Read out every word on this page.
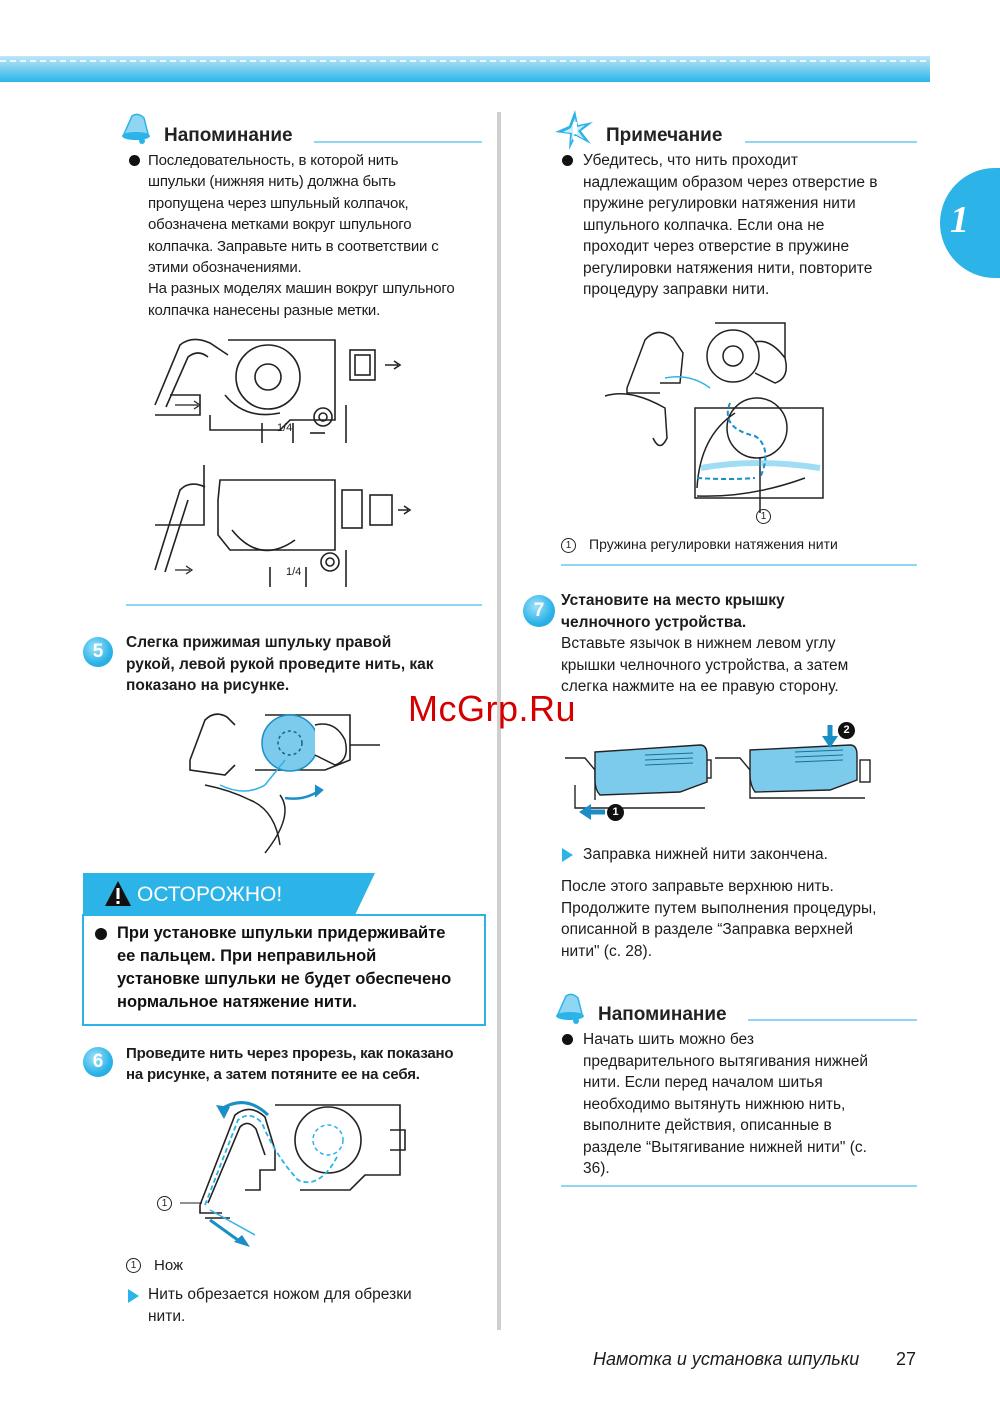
1
Напоминание
Последовательность, в которой нить
шпульки (нижняя нить) должна быть
пропущена через шпульный колпачок,
обозначена метками вокруг шпульного
колпачка. Заправьте нить в соответствии с
этими обозначениями.
На разных моделях машин вокруг шпульного
колпачка нанесены разные метки.
1/4
1/4
5	Слегка прижимая шпульку правой
рукой, левой рукой проведите нить, как
показано на рисунке.
ОСТОРОЖНО!
При установке шпульки придерживайте
ее пальцем. При неправильной
установке шпульки не будет обеспечено
нормальное натяжение нити.
6	Проведите нить через прорезь, как показано
на рисунке, а затем потяните ее на себя.
1
1	Нож
Нить обрезается ножом для обрезки
нити.
Примечание
Убедитесь, что нить проходит
надлежащим образом через отверстие в
пружине регулировки натяжения нити
шпульного колпачка. Если она не
проходит через отверстие в пружине
регулировки натяжения нити, повторите
процедуру заправки нити.
1
1	Пружина регулировки натяжения нити
7	Установите на место крышку
челночного устройства.
Вставьте язычок в нижнем левом углу
крышки челночного устройства, а затем
слегка нажмите на ее правую сторону.
1
2
Заправка нижней нити закончена.
После этого заправьте верхнюю нить.
Продолжите путем выполнения процедуры,
описанной в разделе “Заправка верхней
нити" (с. 28).
Напоминание
Начать шить можно без
предварительного вытягивания нижней
нити. Если перед началом шитья
необходимо вытянуть нижнюю нить,
выполните действия, описанные в
разделе “Вытягивание нижней нити" (с.
36).
McGrp.Ru
Намотка и установка шпульки 27
